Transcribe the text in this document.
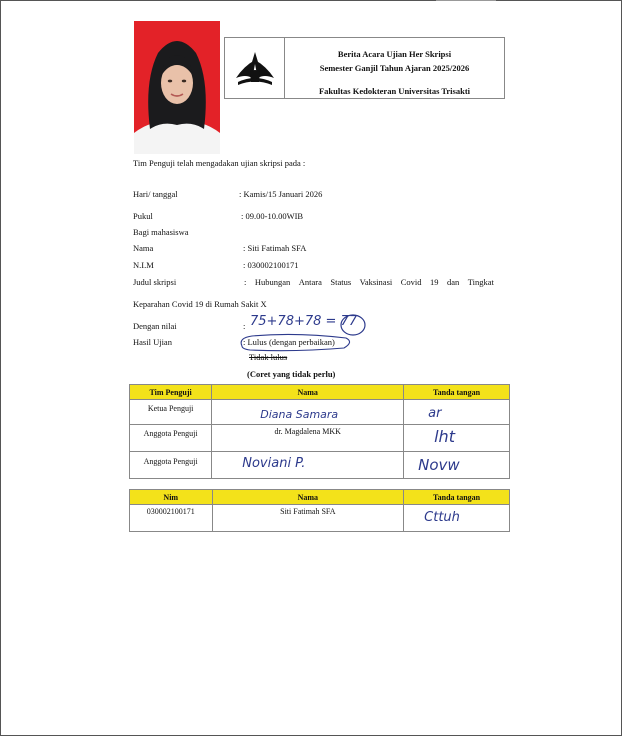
Berita Acara Ujian Her Skripsi
Semester Ganjil Tahun Ajaran 2025/2026
Fakultas Kedokteran Universitas Trisakti
Tim Penguji telah mengadakan ujian skripsi pada :
Hari/ tanggal	: Kamis/15 Januari 2026
Pukul	: 09.00-10.00WIB
Bagi mahasiswa
Nama	: Siti Fatimah SFA
N.I.M	: 030002100171
Judul skripsi	: Hubungan Antara Status Vaksinasi Covid 19 dan Tingkat
Keparahan Covid 19 di Rumah Sakit X
Dengan nilai	: 75+78+78 = 77
Hasil Ujian	: Lulus (dengan perbaikan)
Tidak lulus
(Coret yang tidak perlu)
Tim Penguji	Nama	Tanda tangan

Ketua Penguji	Diana Samara	ar

Anggota Penguji	dr. Magdalena MKK	lht

Anggota Penguji	Noviani P.	Novw
Nim	Nama	Tanda tangan

030002100171	Siti Fatimah SFA	Cttuh
